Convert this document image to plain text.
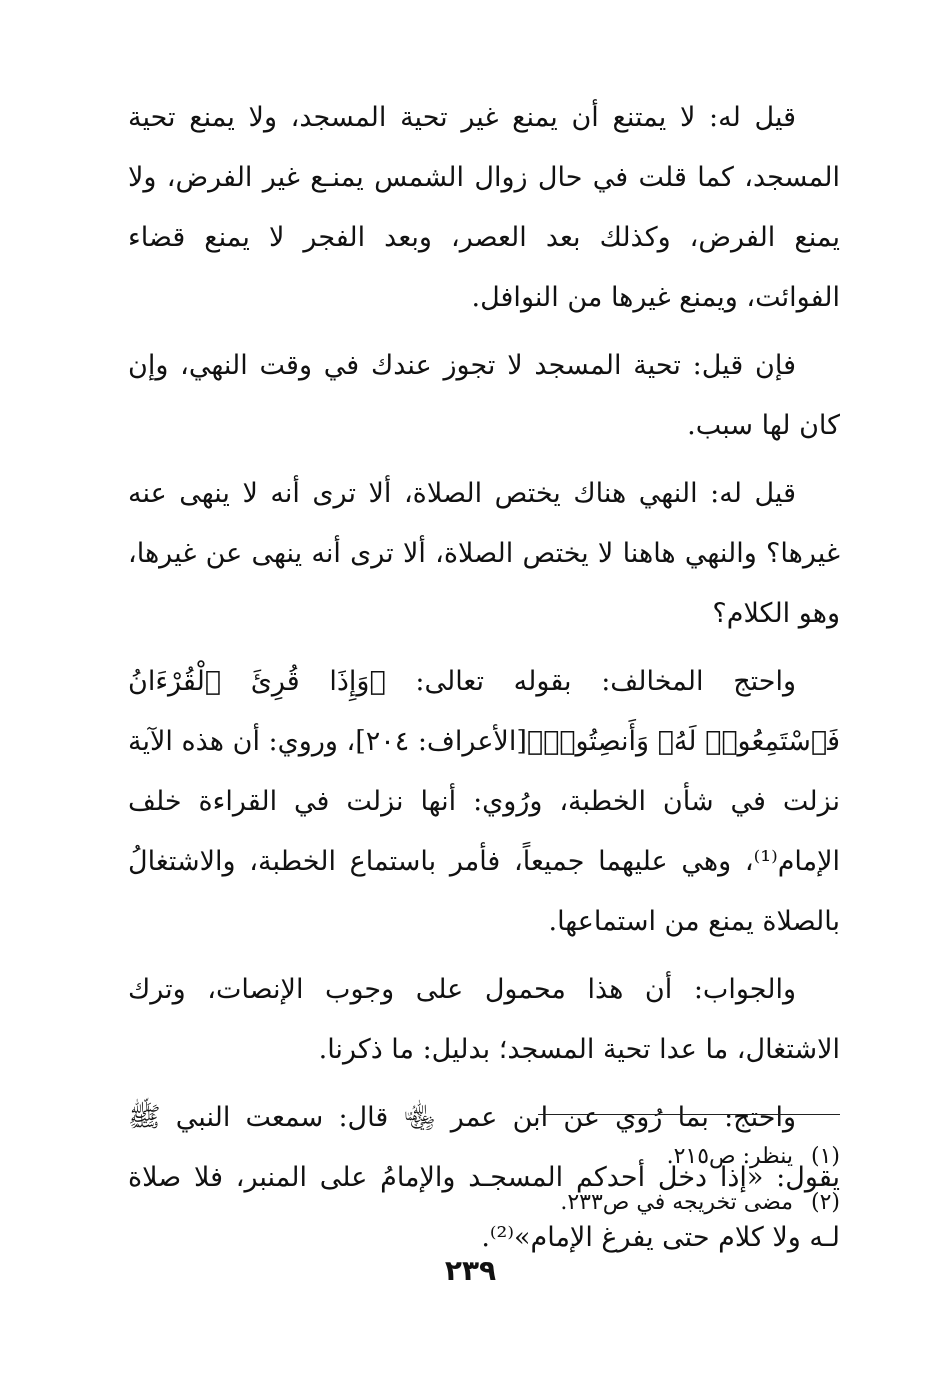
قيل له: لا يمتنع أن يمنع غير تحية المسجد، ولا يمنع تحية المسجد، كما قلت في حال زوال الشمس يمنـع غير الفرض، ولا يمنع الفرض، وكذلك بعد العصر، وبعد الفجر لا يمنع قضاء الفوائت، ويمنع غيرها من النوافل.

فإن قيل: تحية المسجد لا تجوز عندك في وقت النهي، وإن كان لها سبب.

قيل له: النهي هناك يختص الصلاة، ألا ترى أنه لا ينهى عنه غيرها؟ والنهي هاهنا لا يختص الصلاة، ألا ترى أنه ينهى عن غيرها، وهو الكلام؟

واحتج المخالف: بقوله تعالى: ﴿وَإِذَا قُرِئَ ٱلْقُرْءَانُ فَٱسْتَمِعُوا۟ لَهُۥ وَأَنصِتُوا۟﴾[الأعراف: ٢٠٤]، وروي: أن هذه الآية نزلت في شأن الخطبة، ورُوي: أنها نزلت في القراءة خلف الإمام⁽¹⁾، وهي عليهما جميعاً، فأمر باستماع الخطبة، والاشتغالُ بالصلاة يمنع من استماعها.

والجواب: أن هذا محمول على وجوب الإنصات، وترك الاشتغال، ما عدا تحية المسجد؛ بدليل: ما ذكرنا.

واحتج: بما رُوي عن ابن عمر ﵄ قال: سمعت النبي ﷺ يقول: «إذا دخل أحدكم المسجـد والإمامُ على المنبر، فلا صلاة لـه ولا كلام حتى يفرغ الإمام»⁽²⁾.

(١)ينظر: ص٢١٥.

(٢)مضى تخريجه في ص٢٣٣.

٢٣٩
